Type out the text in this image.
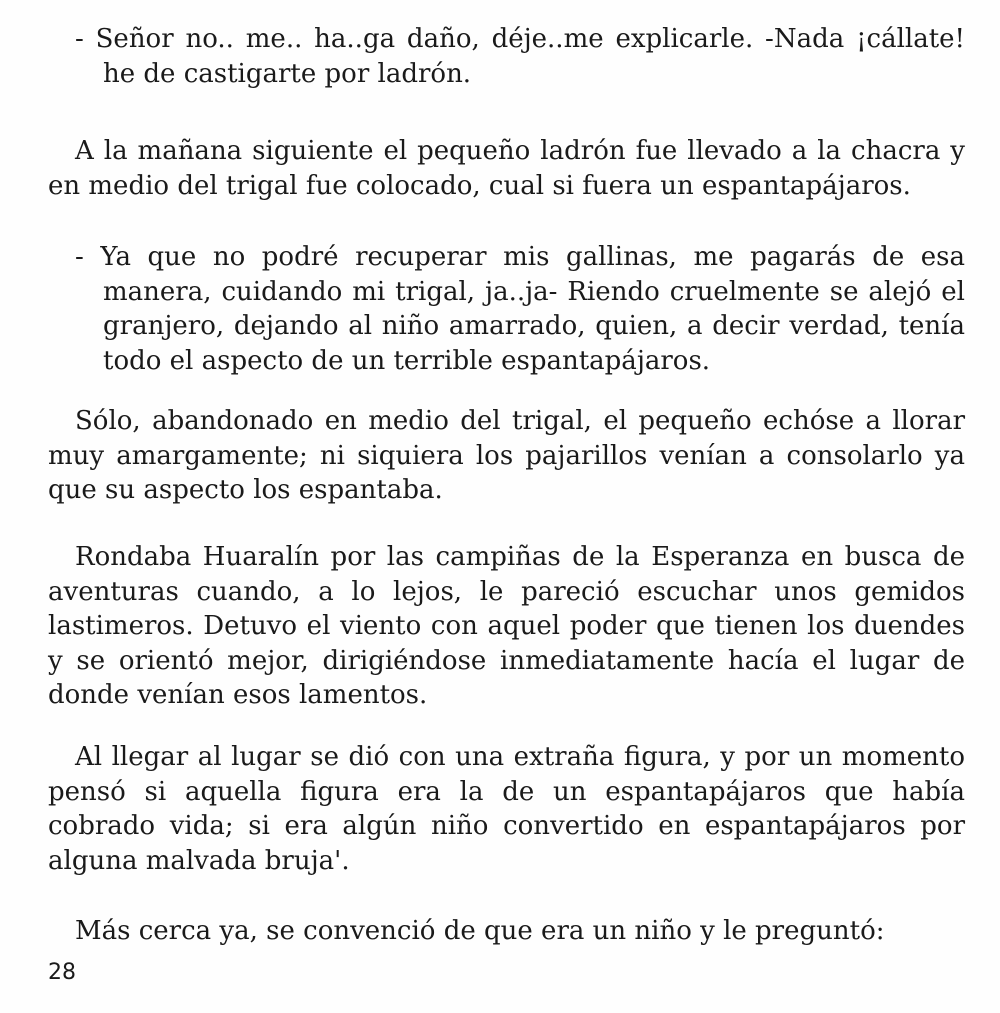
- Señor no.. me.. ha..ga daño, déje..me explicarle. -Nada ¡cállate! he de castigarte por ladrón.

A la mañana siguiente el pequeño ladrón fue llevado a la chacra y en medio del trigal fue colocado, cual si fuera un espantapájaros.

- Ya que no podré recuperar mis gallinas, me pagarás de esa manera, cuidando mi trigal, ja..ja- Riendo cruelmente se alejó el granjero, dejando al niño amarrado, quien, a decir verdad, tenía todo el aspecto de un terrible espantapájaros.

Sólo, abandonado en medio del trigal, el pequeño echóse a llorar muy amargamente; ni siquiera los pajarillos venían a consolarlo ya que su aspecto los espantaba.

Rondaba Huaralín por las campiñas de la Esperanza en busca de aventuras cuando, a lo lejos, le pareció escuchar unos gemidos lastimeros. Detuvo el viento con aquel poder que tienen los duendes y se orientó mejor, dirigiéndose inmediatamente hacía el lugar de donde venían esos lamentos.

Al llegar al lugar se dió con una extraña figura, y por un momento pensó si aquella figura era la de un espantapájaros que había cobrado vida; si era algún niño convertido en espantapájaros por alguna malvada bruja'.

Más cerca ya, se convenció de que era un niño y le preguntó:

28
